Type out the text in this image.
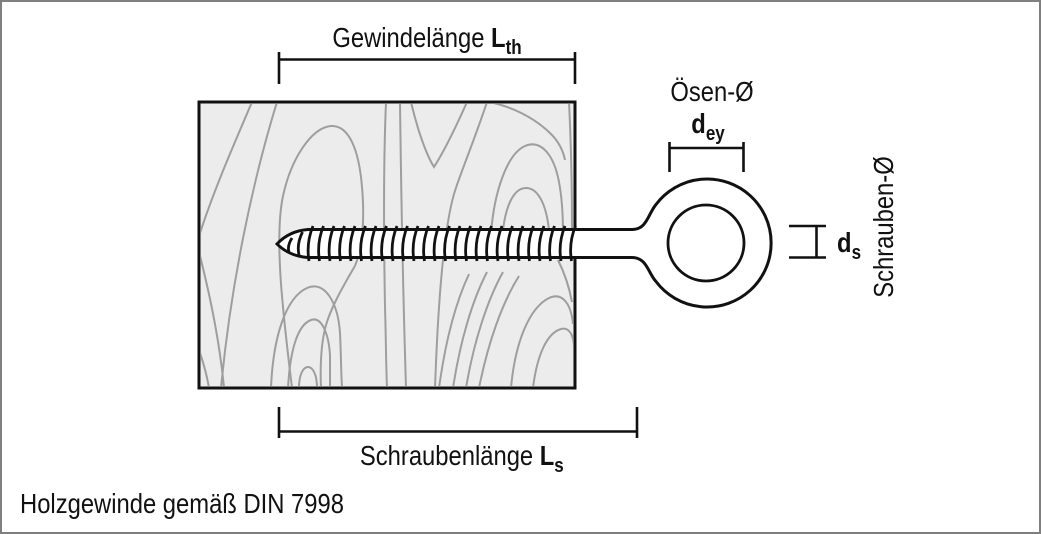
Gewindelänge $L_{th}$
Schraubenlänge $L_s$
Ösen-Ø
$d_{ey}$
$d_s$ Schrauben-Ø
Holzgewinde gemäß DIN 7998
